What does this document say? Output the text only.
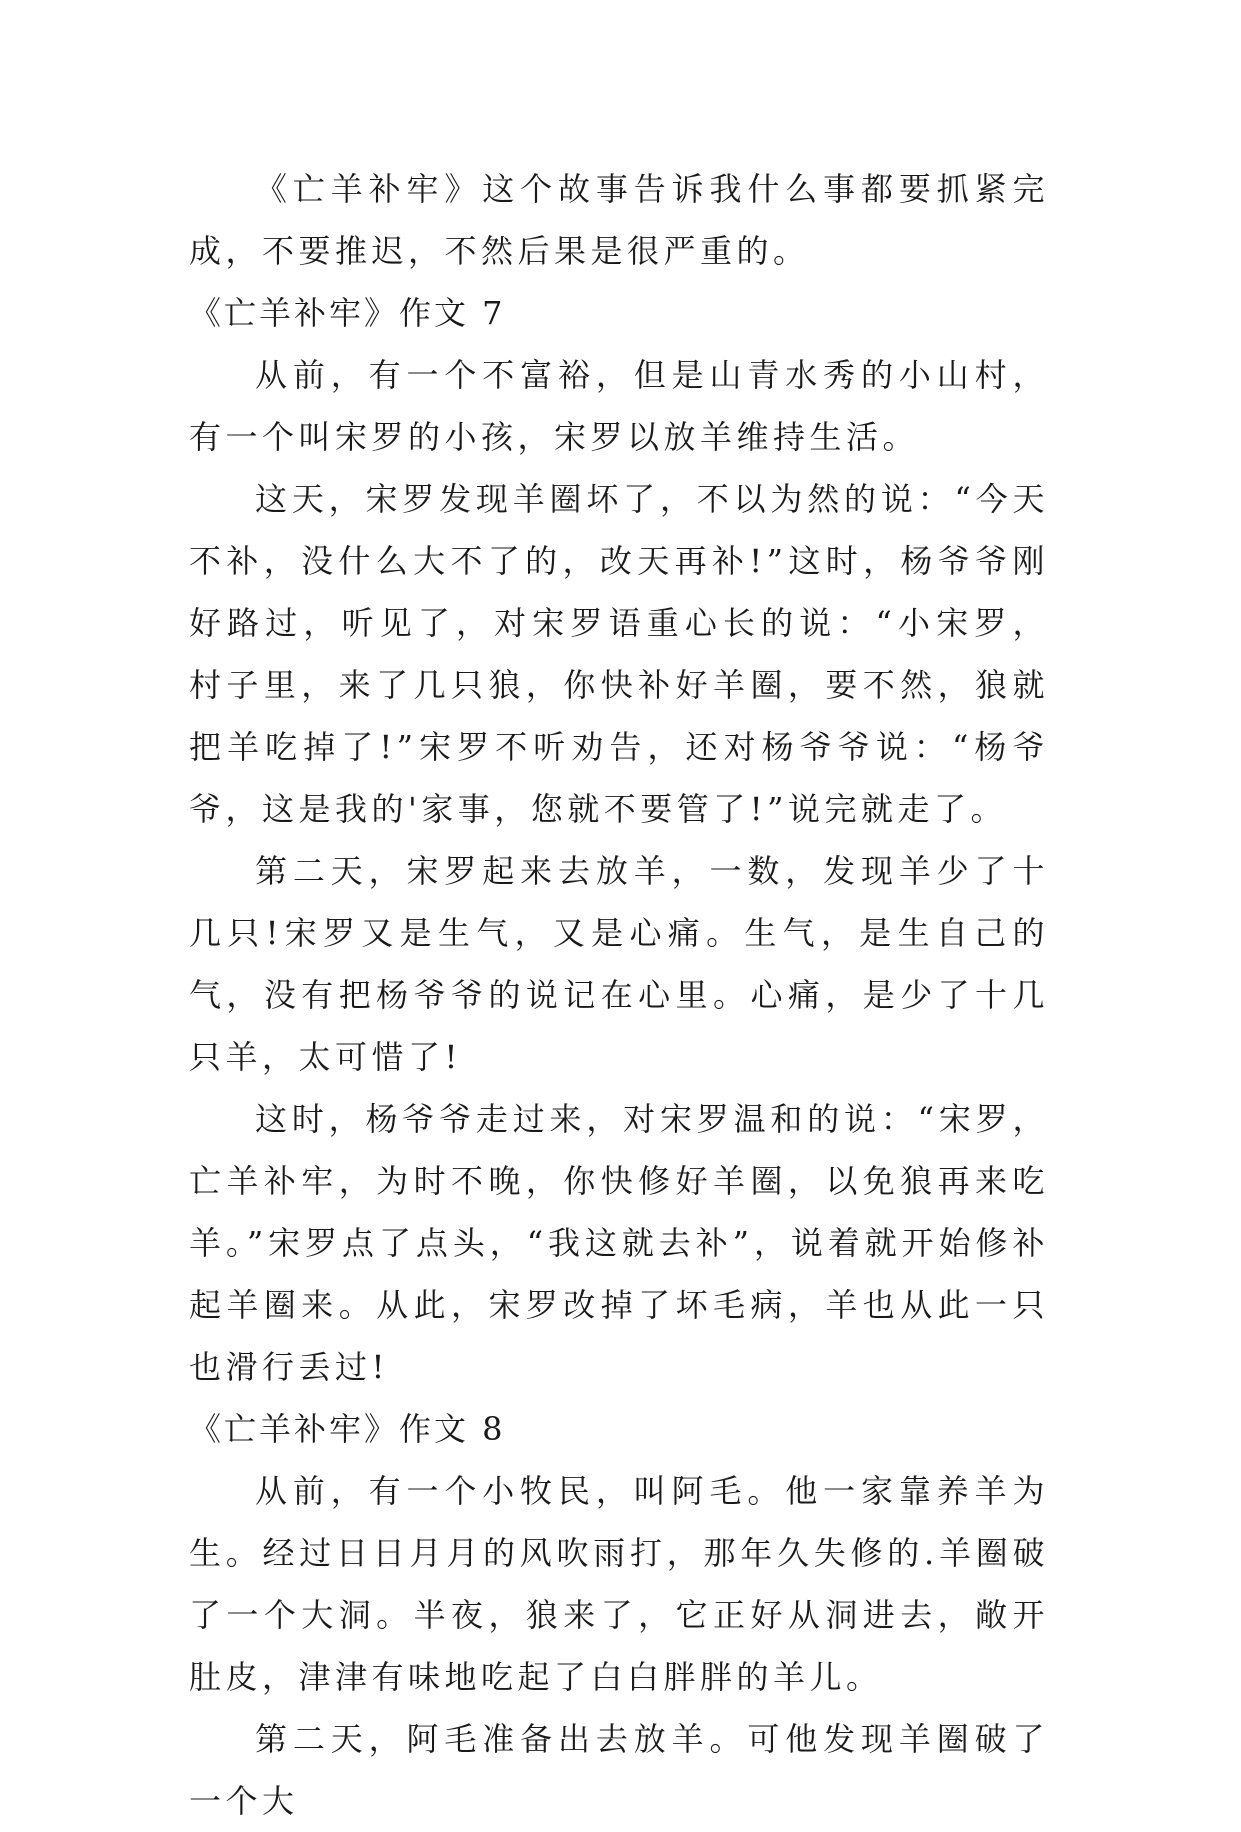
《亡羊补牢》这个故事告诉我什么事都要抓紧完成，不要推迟，不然后果是很严重的。

《亡羊补牢》作文 7

从前，有一个不富裕，但是山青水秀的小山村，有一个叫宋罗的小孩，宋罗以放羊维持生活。

这天，宋罗发现羊圈坏了，不以为然的说：“今天不补，没什么大不了的，改天再补!”这时，杨爷爷刚好路过，听见了，对宋罗语重心长的说：“小宋罗，村子里，来了几只狼，你快补好羊圈，要不然，狼就把羊吃掉了!”宋罗不听劝告，还对杨爷爷说：“杨爷爷，这是我的'家事，您就不要管了!”说完就走了。

第二天，宋罗起来去放羊，一数，发现羊少了十几只!宋罗又是生气，又是心痛。生气，是生自己的气，没有把杨爷爷的说记在心里。心痛，是少了十几只羊，太可惜了!

这时，杨爷爷走过来，对宋罗温和的说：“宋罗，亡羊补牢，为时不晚，你快修好羊圈，以免狼再来吃羊。”宋罗点了点头，“我这就去补”，说着就开始修补起羊圈来。从此，宋罗改掉了坏毛病，羊也从此一只也滑行丢过!

《亡羊补牢》作文 8

从前，有一个小牧民，叫阿毛。他一家靠养羊为生。经过日日月月的风吹雨打，那年久失修的.羊圈破了一个大洞。半夜，狼来了，它正好从洞进去，敞开肚皮，津津有味地吃起了白白胖胖的羊儿。

第二天，阿毛准备出去放羊。可他发现羊圈破了一个大
